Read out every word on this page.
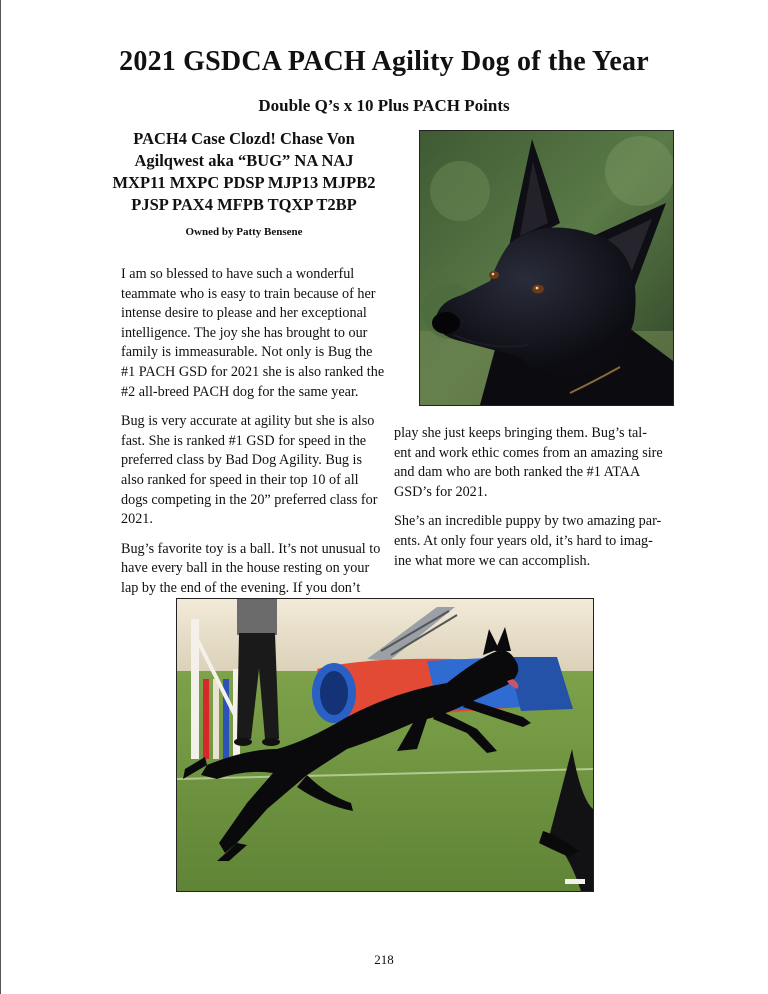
2021 GSDCA PACH Agility Dog of the Year
Double Q’s x 10 Plus PACH Points
PACH4 Case Clozd! Chase Von
Agilqwest aka “BUG” NA NAJ
MXP11 MXPC PDSP MJP13 MJPB2
PJSP PAX4 MFPB TQXP T2BP
Owned by Patty Bensene

I am so blessed to have such a wonderful
teammate who is easy to train because of her
intense desire to please and her exceptional
intelligence. The joy she has brought to our
family is immeasurable. Not only is Bug the
#1 PACH GSD for 2021 she is also ranked the
#2 all-breed PACH dog for the same year.

Bug is very accurate at agility but she is also
fast. She is ranked #1 GSD for speed in the
preferred class by Bad Dog Agility. Bug is
also ranked for speed in their top 10 of all
dogs competing in the 20” preferred class for
2021.

Bug’s favorite toy is a ball. It’s not unusual to
have every ball in the house resting on your
lap by the end of the evening. If you don’t

play she just keeps bringing them. Bug’s tal-
ent and work ethic comes from an amazing sire
and dam who are both ranked the #1 ATAA
GSD’s for 2021.

She’s an incredible puppy by two amazing par-
ents. At only four years old, it’s hard to imag-
ine what more we can accomplish.

218
